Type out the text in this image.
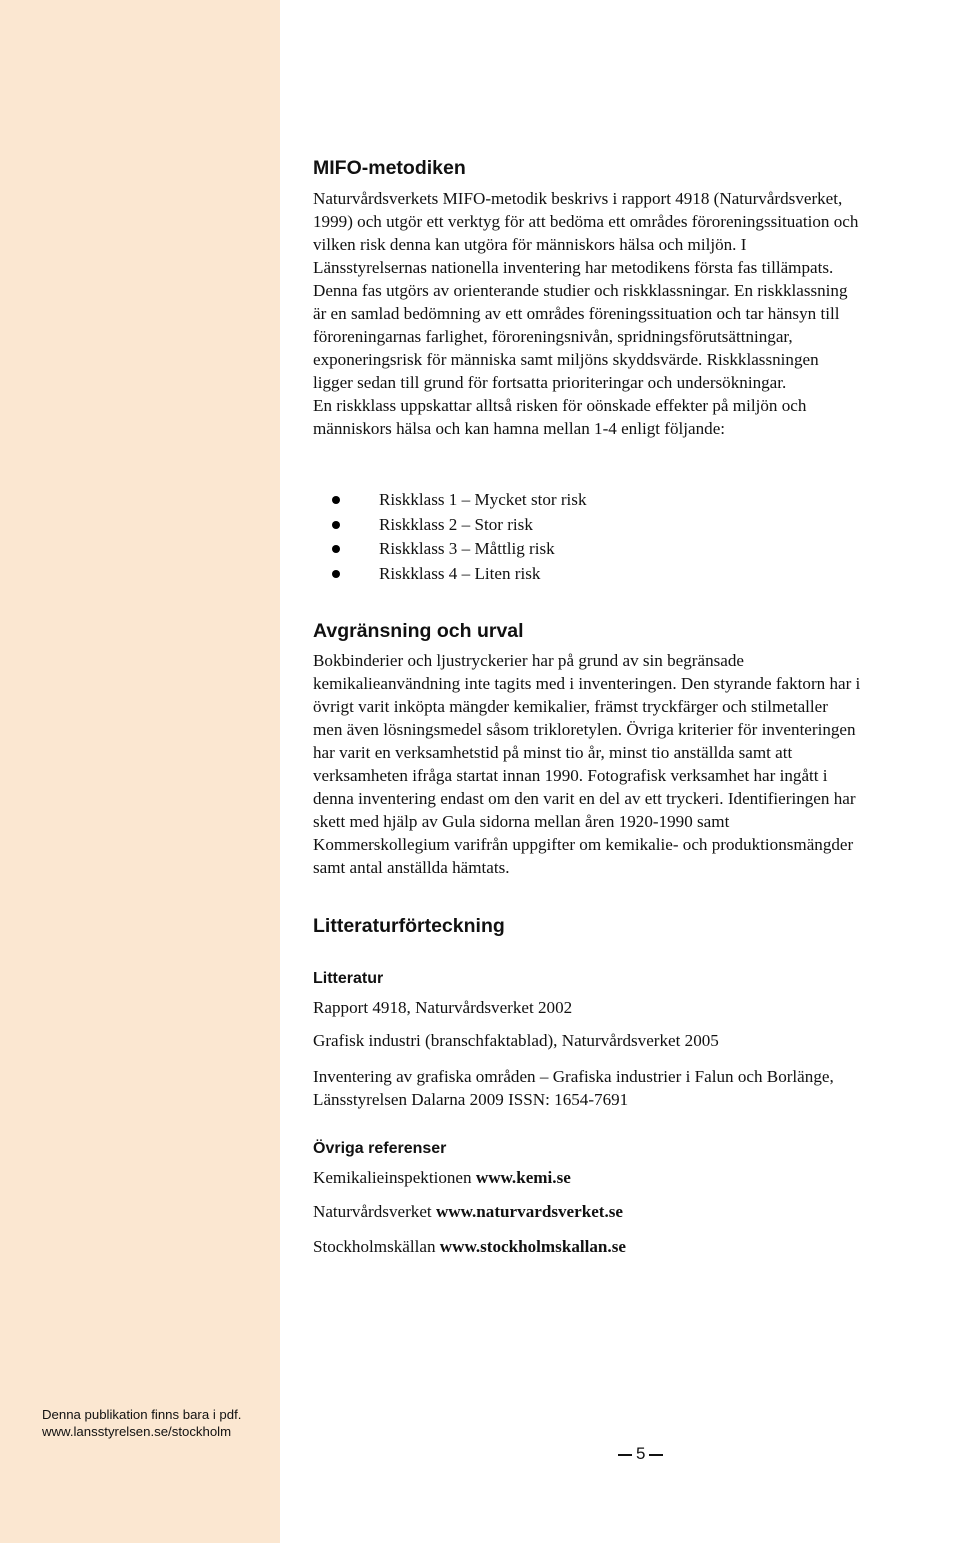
MIFO-metodiken
Naturvårdsverkets MIFO-metodik beskrivs i rapport 4918 (Naturvårdsverket,
1999) och utgör ett verktyg för att bedöma ett områdes föroreningssituation och
vilken risk denna kan utgöra för människors hälsa och miljön. I
Länsstyrelsernas nationella inventering har metodikens första fas tillämpats.
Denna fas utgörs av orienterande studier och riskklassningar. En riskklassning
är en samlad bedömning av ett områdes föreningssituation och tar hänsyn till
föroreningarnas farlighet, föroreningsnivån, spridningsförutsättningar,
exponeringsrisk för människa samt miljöns skyddsvärde. Riskklassningen
ligger sedan till grund för fortsatta prioriteringar och undersökningar.
En riskklass uppskattar alltså risken för oönskade effekter på miljön och
människors hälsa och kan hamna mellan 1-4 enligt följande:
Riskklass 1 – Mycket stor risk
Riskklass 2 – Stor risk
Riskklass 3 – Måttlig risk
Riskklass 4 – Liten risk
Avgränsning och urval
Bokbinderier och ljustryckerier har på grund av sin begränsade
kemikalieanvändning inte tagits med i inventeringen. Den styrande faktorn har i
övrigt varit inköpta mängder kemikalier, främst tryckfärger och stilmetaller
men även lösningsmedel såsom trikloretylen. Övriga kriterier för inventeringen
har varit en verksamhetstid på minst tio år, minst tio anställda samt att
verksamheten ifråga startat innan 1990. Fotografisk verksamhet har ingått i
denna inventering endast om den varit en del av ett tryckeri. Identifieringen har
skett med hjälp av Gula sidorna mellan åren 1920-1990 samt
Kommerskollegium varifrån uppgifter om kemikalie- och produktionsmängder
samt antal anställda hämtats.
Litteraturförteckning
Litteratur

Rapport 4918, Naturvårdsverket 2002

Grafisk industri (branschfaktablad), Naturvårdsverket 2005

Inventering av grafiska områden – Grafiska industrier i Falun och Borlänge,
Länsstyrelsen Dalarna 2009 ISSN: 1654-7691

Övriga referenser

Kemikalieinspektionen www.kemi.se

Naturvårdsverket www.naturvardsverket.se

Stockholmskällan www.stockholmskallan.se

Denna publikation finns bara i pdf.
www.lansstyrelsen.se/stockholm
5
